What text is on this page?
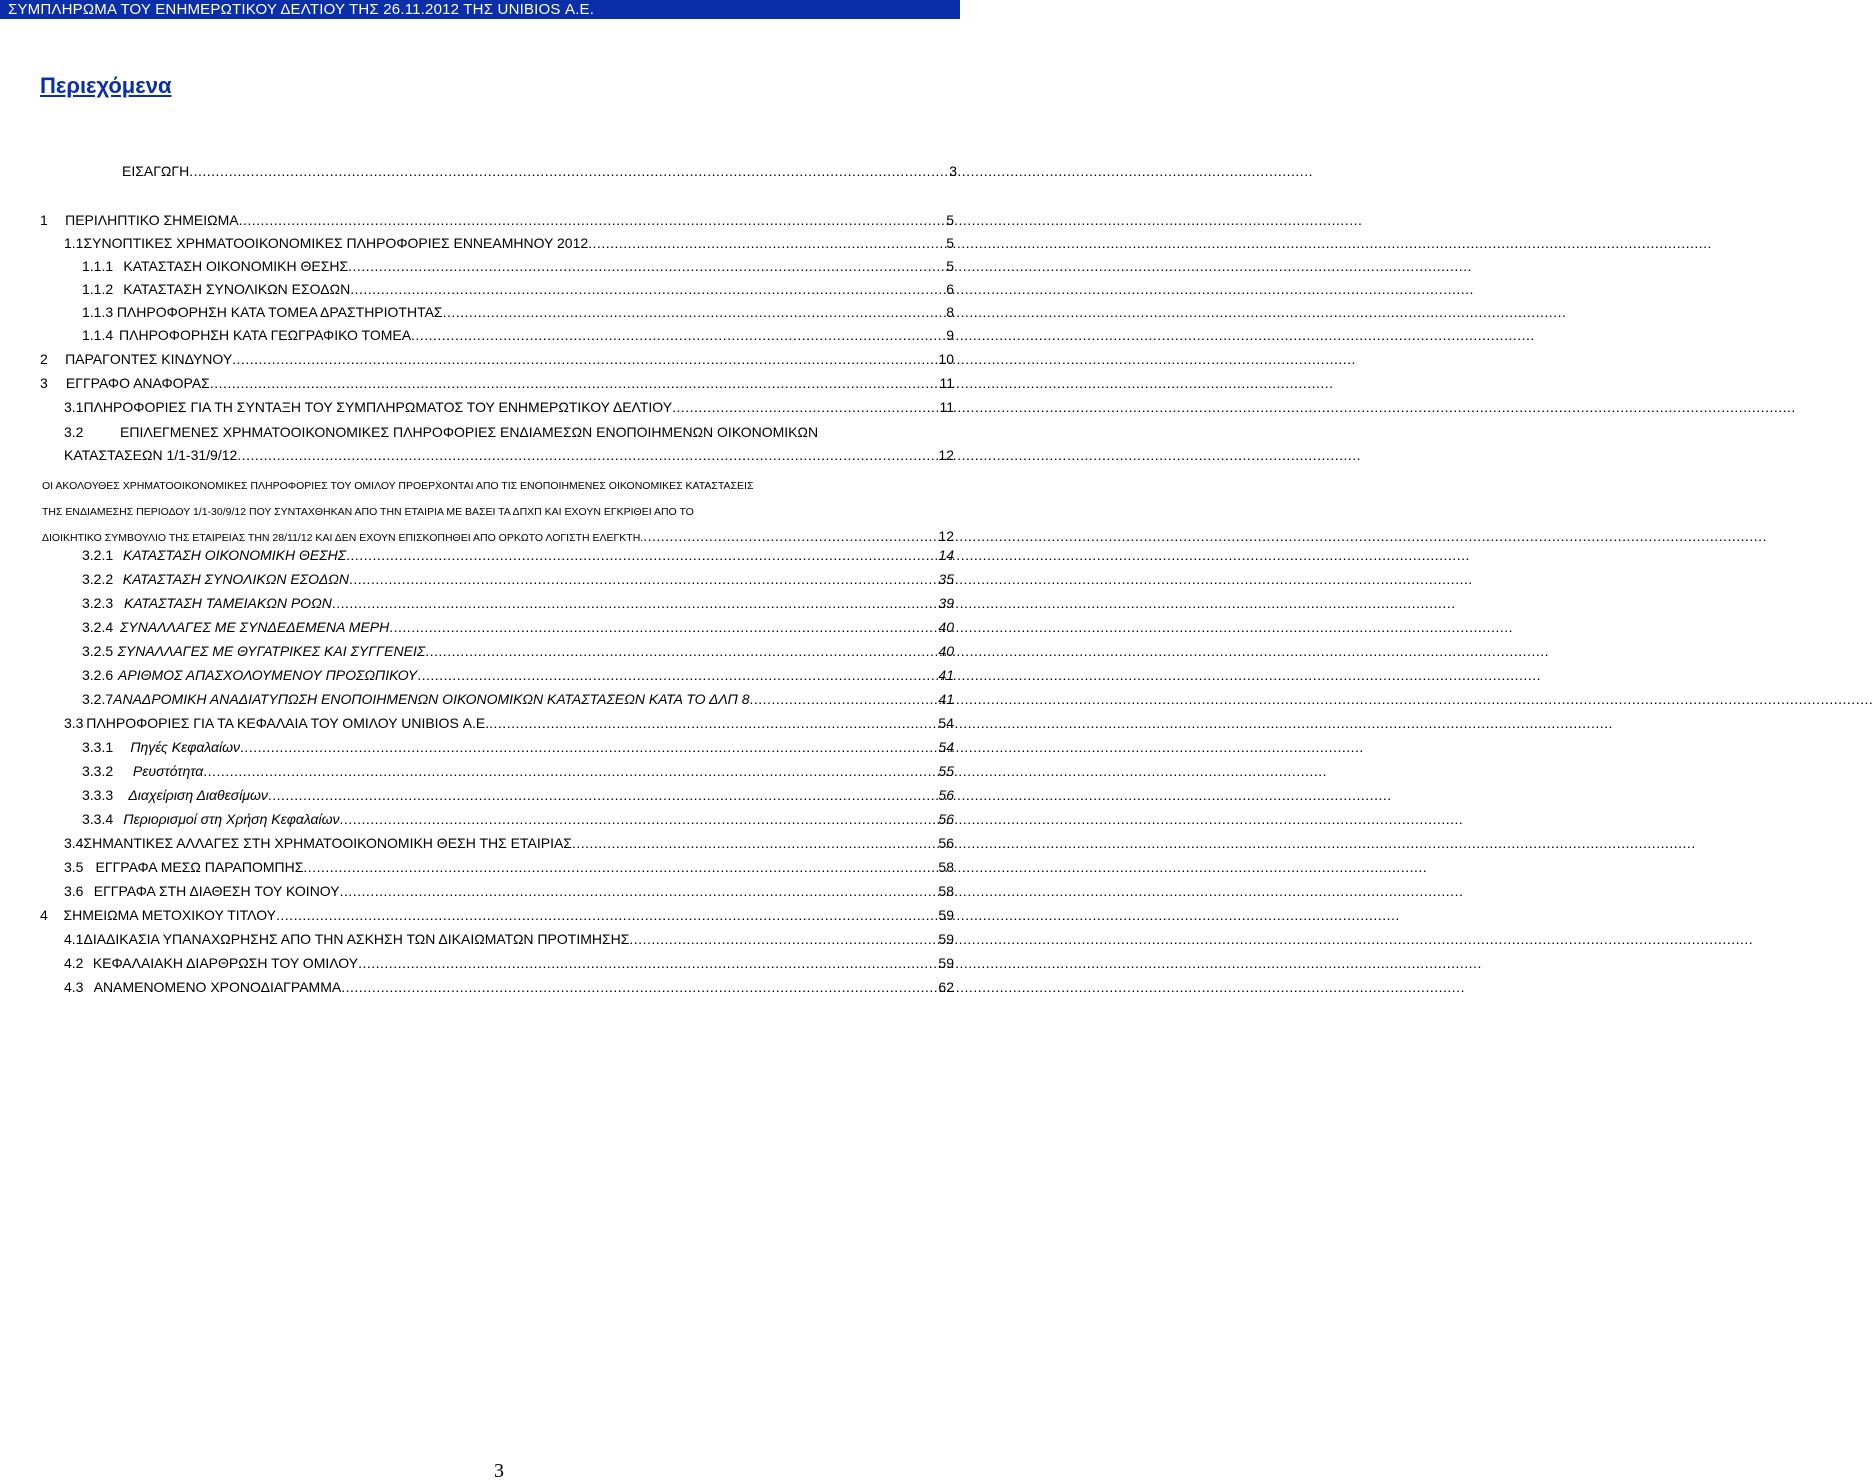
ΣΥΜΠΛΗΡΩΜΑ ΤΟΥ ΕΝΗΜΕΡΩΤΙΚΟΥ ΔΕΛΤΙΟΥ ΤΗΣ 26.11.2012 ΤΗΣ UNIBIOS Α.Ε.
Περιεχόμενα
ΕΙΣΑΓΩΓΗ .....	3
1	ΠΕΡΙΛΗΠΤΙΚΟ ΣΗΜΕΙΩΜΑ .....	5
1.1 ΣΥΝΟΠΤΙΚΕΣ ΧΡΗΜΑΤΟΟΙΚΟΝΟΜΙΚΕΣ ΠΛΗΡΟΦΟΡΙΕΣ ΕΝΝΕΑΜΗΝΟΥ 2012 .....	5
1.1.1 ΚΑΤΑΣΤΑΣΗ ΟΙΚΟΝΟΜΙΚΗ ΘΕΣΗΣ .....	5
1.1.2 ΚΑΤΑΣΤΑΣΗ ΣΥΝΟΛΙΚΩΝ ΕΣΟΔΩΝ .....	6
1.1.3 ΠΛΗΡΟΦΟΡΗΣΗ ΚΑΤΑ ΤΟΜΕΑ ΔΡΑΣΤΗΡΙΟΤΗΤΑΣ .....	8
1.1.4 ΠΛΗΡΟΦΟΡΗΣΗ ΚΑΤΑ ΓΕΩΓΡΑΦΙΚΟ ΤΟΜΕΑ .....	9
2	ΠΑΡΑΓΟΝΤΕΣ ΚΙΝΔΥΝΟΥ .....	10
3	ΕΓΓΡΑΦΟ ΑΝΑΦΟΡΑΣ .....	11
3.1 ΠΛΗΡΟΦΟΡΙΕΣ ΓΙΑ ΤΗ ΣΥΝΤΑΞΗ ΤΟΥ ΣΥΜΠΛΗΡΩΜΑΤΟΣ ΤΟΥ ΕΝΗΜΕΡΩΤΙΚΟΥ ΔΕΛΤΙΟΥ .....	11
3.2	ΕΠΙΛΕΓΜΕΝΕΣ ΧΡΗΜΑΤΟΟΙΚΟΝΟΜΙΚΕΣ ΠΛΗΡΟΦΟΡΙΕΣ ΕΝΔΙΑΜΕΣΩΝ ΕΝΟΠΟΙΗΜΕΝΩΝ ΟΙΚΟΝΟΜΙΚΩΝ
ΚΑΤΑΣΤΑΣΕΩΝ 1/1-31/9/12 .....	12
ΟΙ ΑΚΟΛΟΥΘΕΣ ΧΡΗΜΑΤΟΟΙΚΟΝΟΜΙΚΕΣ ΠΛΗΡΟΦΟΡΙΕΣ ΤΟΥ ΟΜΙΛΟΥ ΠΡΟΕΡΧΟΝΤΑΙ ΑΠΟ ΤΙΣ ΕΝΟΠΟΙΗΜΕΝΕΣ ΟΙΚΟΝΟΜΙΚΕΣ ΚΑΤΑΣΤΑΣΕΙΣ
ΤΗΣ ΕΝΔΙΑΜΕΣΗΣ ΠΕΡΙΟΔΟΥ 1/1-30/9/12 ΠΟΥ ΣΥΝΤΑΧΘΗΚΑΝ ΑΠΟ ΤΗΝ ΕΤΑΙΡΙΑ ΜΕ ΒΑΣΕΙ ΤΑ ΔΠΧΠ ΚΑΙ ΕΧΟΥΝ ΕΓΚΡΙΘΕΙ ΑΠΟ ΤΟ
ΔΙΟΙΚΗΤΙΚΟ ΣΥΜΒΟΥΛΙΟ ΤΗΣ ΕΤΑΙΡΕΙΑΣ ΤΗΝ 28/11/12 ΚΑΙ ΔΕΝ ΕΧΟΥΝ ΕΠΙΣΚΟΠΗΘΕΙ ΑΠΟ ΟΡΚΩΤΟ ΛΟΓΙΣΤΗ ΕΛΕΓΚΤΗ. .....	12
3.2.1 ΚΑΤΑΣΤΑΣΗ ΟΙΚΟΝΟΜΙΚΗ ΘΕΣΗΣ .....	14
3.2.2 ΚΑΤΑΣΤΑΣΗ ΣΥΝΟΛΙΚΩΝ ΕΣΟΔΩΝ .....	35
3.2.3 ΚΑΤΑΣΤΑΣΗ ΤΑΜΕΙΑΚΩΝ ΡΟΩΝ .....	39
3.2.4 ΣΥΝΑΛΛΑΓΕΣ ΜΕ ΣΥΝΔΕΔΕΜΕΝΑ ΜΕΡΗ .....	40
3.2.5 ΣΥΝΑΛΛΑΓΕΣ ΜΕ ΘΥΓΑΤΡΙΚΕΣ ΚΑΙ ΣΥΓΓΕΝΕΙΣ .....	40
3.2.6 ΑΡΙΘΜΟΣ ΑΠΑΣΧΟΛΟΥΜΕΝΟΥ ΠΡΟΣΩΠΙΚΟΥ .....	41
3.2.7 ΑΝΑΔΡΟΜΙΚΗ ΑΝΑΔΙΑΤΥΠΩΣΗ ΕΝΟΠΟΙΗΜΕΝΩΝ ΟΙΚΟΝΟΜΙΚΩΝ ΚΑΤΑΣΤΑΣΕΩΝ ΚΑΤΑ ΤΟ ΔΛΠ 8 .....	41
3.3 ΠΛΗΡΟΦΟΡΙΕΣ ΓΙΑ ΤΑ ΚΕΦΑΛΑΙΑ ΤΟΥ ΟΜΙΛΟΥ UNIBIOS Α.Ε. .....	54
3.3.1	Πηγές Κεφαλαίων .....	54
3.3.2	Ρευστότητα .....	55
3.3.3	Διαχείριση Διαθεσίμων .....	56
3.3.4 Περιορισμοί στη Χρήση Κεφαλαίων .....	56
3.4 ΣΗΜΑΝΤΙΚΕΣ ΑΛΛΑΓΕΣ ΣΤΗ ΧΡΗΜΑΤΟΟΙΚΟΝΟΜΙΚΗ ΘΕΣΗ ΤΗΣ ΕΤΑΙΡΙΑΣ .....	56
3.5 ΕΓΓΡΑΦΑ ΜΕΣΩ ΠΑΡΑΠΟΜΠΗΣ .....	58
3.6 ΕΓΓΡΑΦΑ ΣΤΗ ΔΙΑΘΕΣΗ ΤΟΥ ΚΟΙΝΟΥ .....	58
4	ΣΗΜΕΙΩΜΑ ΜΕΤΟΧΙΚΟΥ ΤΙΤΛΟΥ .....	59
4.1 ΔΙΑΔΙΚΑΣΙΑ ΥΠΑΝΑΧΩΡΗΣΗΣ ΑΠΟ ΤΗΝ ΑΣΚΗΣΗ ΤΩΝ ΔΙΚΑΙΩΜΑΤΩΝ ΠΡΟΤΙΜΗΣΗΣ .....	59
4.2 ΚΕΦΑΛΑΙΑΚΗ ΔΙΑΡΘΡΩΣΗ ΤΟΥ ΟΜΙΛΟΥ .....	59
4.3 ΑΝΑΜΕΝΟΜΕΝΟ ΧΡΟΝΟΔΙΑΓΡΑΜΜΑ .....	62
3
